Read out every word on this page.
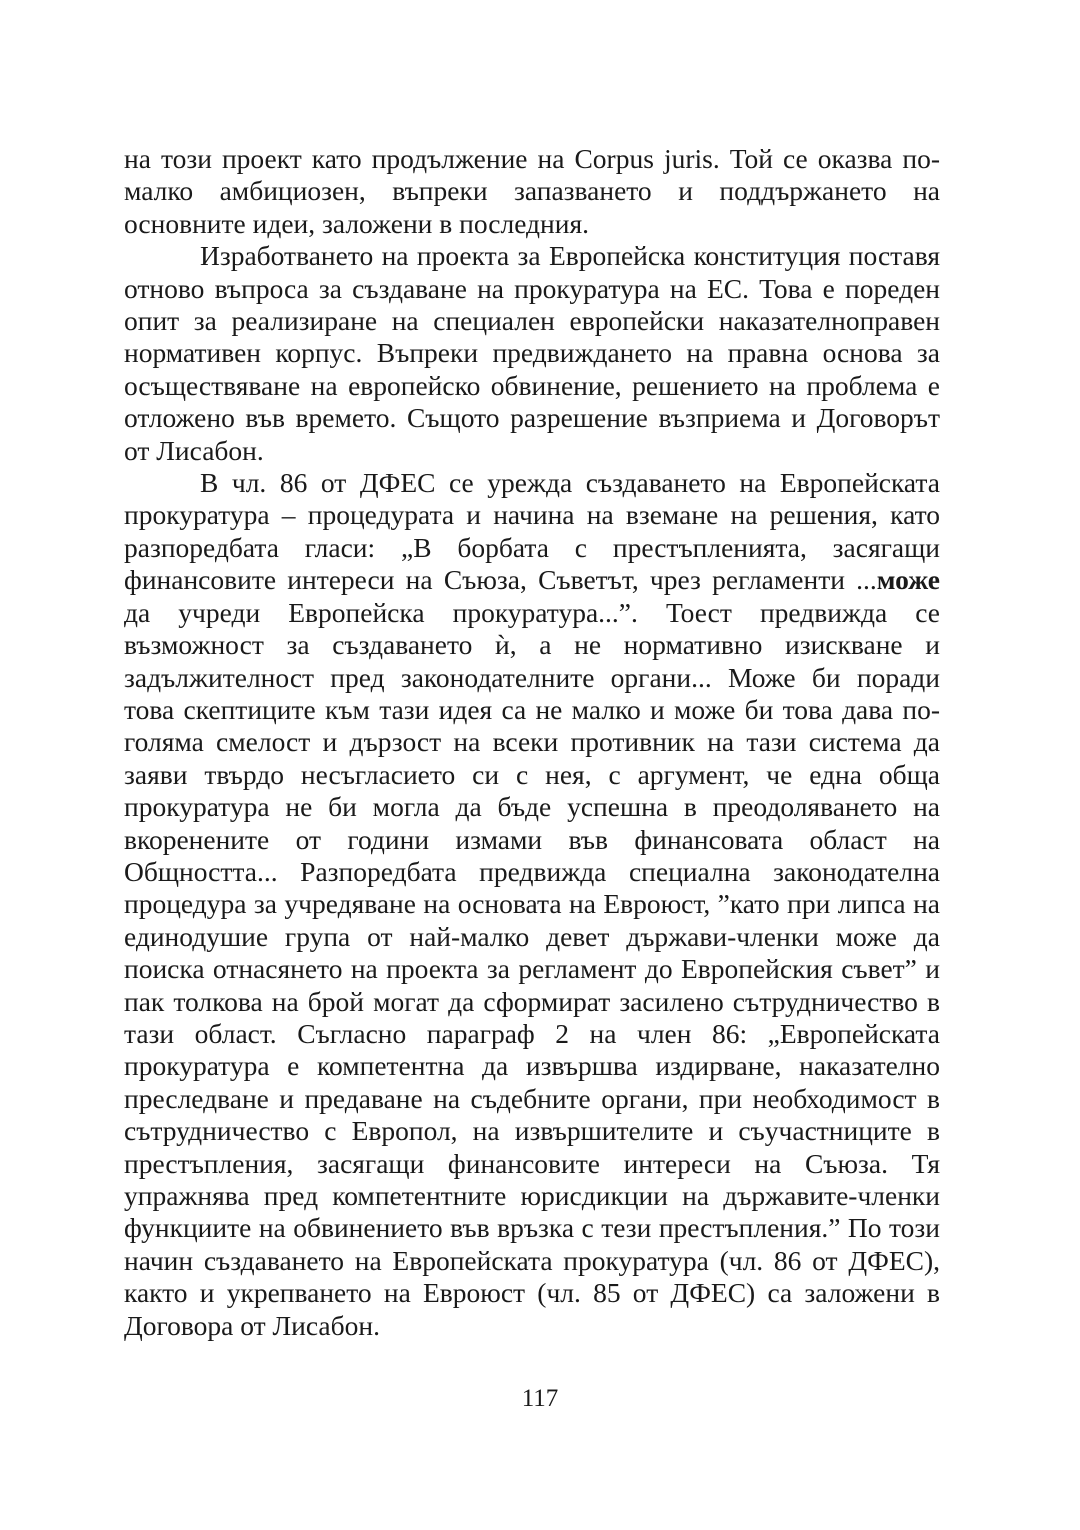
на този проект като продължение на Corpus juris. Той се оказва по-малко амбициозен, въпреки запазването и поддържането на основните идеи, заложени в последния.

Изработването на проекта за Европейска конституция поставя отново въпроса за създаване на прокуратура на ЕС. Това е пореден опит за реализиране на специален европейски наказателноправен нормативен корпус. Въпреки предвиждането на правна основа за осъществяване на европейско обвинение, решението на проблема е отложено във времето. Същото разрешение възприема и Договорът от Лисабон.

В чл. 86 от ДФЕС се урежда създаването на Европейската прокуратура – процедурата и начина на вземане на решения, като разпоредбата гласи: „В борбата с престъпленията, засягащи финансовите интереси на Съюза, Съветът, чрез регламенти ...може да учреди Европейска прокуратура...”. Тоест предвижда се възможност за създаването ѝ, а не нормативно изискване и задължителност пред законодателните органи... Може би поради това скептиците към тази идея са не малко и може би това дава по-голяма смелост и дързост на всеки противник на тази система да заяви твърдо несъгласието си с нея, с аргумент, че една обща прокуратура не би могла да бъде успешна в преодоляването на вкоренените от години измами във финансовата област на Общността... Разпоредбата предвижда специална законодателна процедура за учредяване на основата на Евроюст, ”като при липса на единодушие група от най-малко девет държави-членки може да поиска отнасянето на проекта за регламент до Европейския съвет” и пак толкова на брой могат да сформират засилено сътрудничество в тази област. Съгласно параграф 2 на член 86: „Европейската прокуратура е компетентна да извършва издирване, наказателно преследване и предаване на съдебните органи, при необходимост в сътрудничество с Европол, на извършителите и съучастниците в престъпления, засягащи финансовите интереси на Съюза. Тя упражнява пред компетентните юрисдикции на държавите-членки функциите на обвинението във връзка с тези престъпления.” По този начин създаването на Европейската прокуратура (чл. 86 от ДФЕС), както и укрепването на Евроюст (чл. 85 от ДФЕС) са заложени в Договора от Лисабон.

117
